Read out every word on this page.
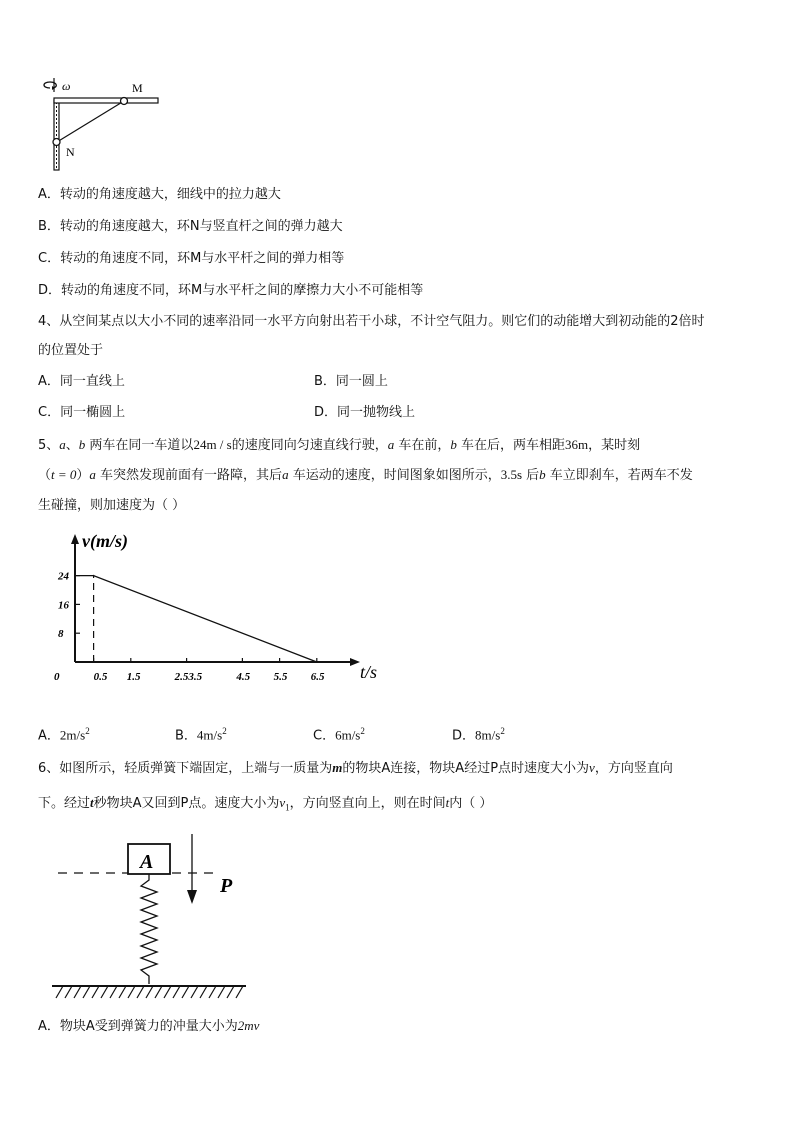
ω	M
N
A．转动的角速度越大，细线中的拉力越大
B．转动的角速度越大，环N与竖直杆之间的弹力越大
C．转动的角速度不同，环M与水平杆之间的弹力相等
D．转动的角速度不同，环M与水平杆之间的摩擦力大小不可能相等
4、从空间某点以大小不同的速率沿同一水平方向射出若干小球，不计空气阻力。则它们的动能增大到初动能的2倍时
的位置处于
A．同一直线上	B．同一圆上
C．同一椭圆上	D．同一抛物线上
5、a、b 两车在同一车道以24m / s的速度同向匀速直线行驶，a 车在前，b 车在后，两车相距36m，某时刻
（t = 0）a 车突然发现前面有一路障，其后a 车运动的速度，时间图象如图所示，3.5s 后b 车立即刹车，若两车不发
生碰撞，则加速度为（ ）
v(m/s)
t/s
24
16
8
0	0.5 1.5	2.53.5	4.5 5.5 6.5
A．$2m/s^2$	B．$4m/s^2$	C．$6m/s^2$	D．$8m/s^2$
6、如图所示，轻质弹簧下端固定，上端与一质量为m的物块A连接，物块A经过P点时速度大小为v，方向竖直向
下。经过t秒物块A又回到P点。速度大小为$v_1$，方向竖直向上，则在时间t内（ ）
A
P
A．物块A受到弹簧力的冲量大小为2mv
